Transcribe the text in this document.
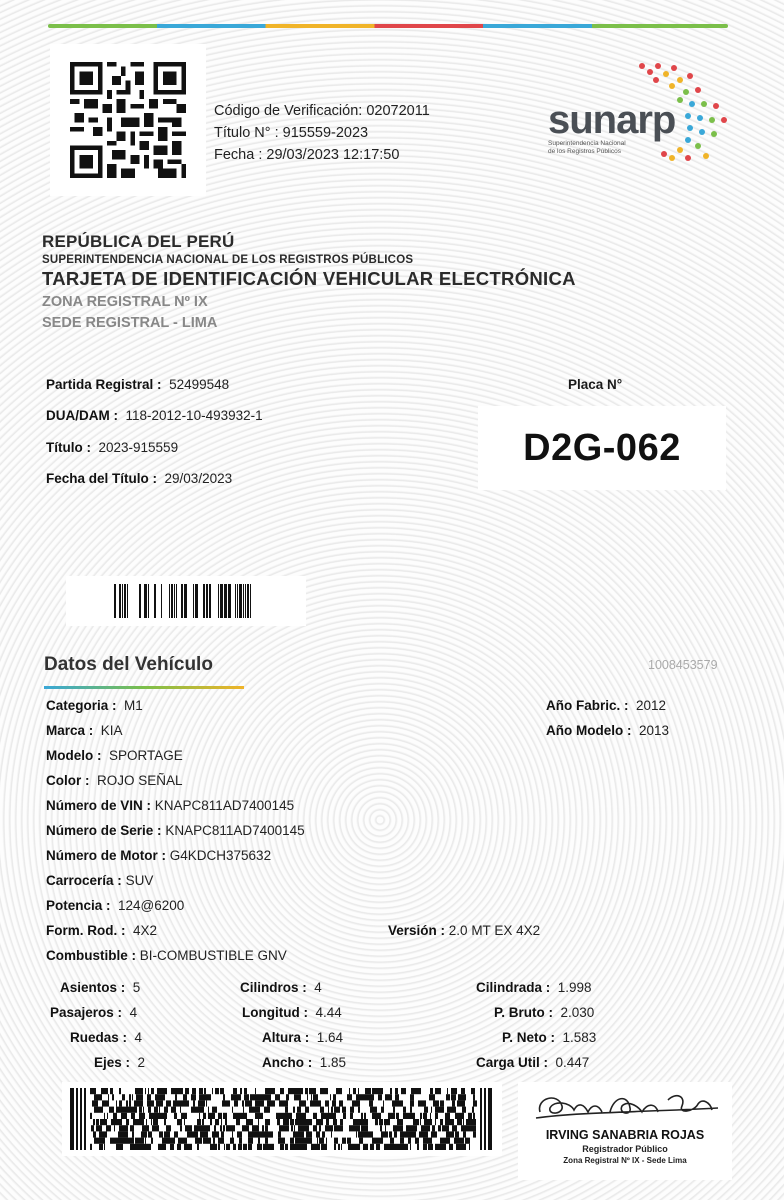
Código de Verificación: 02072011
Título N° : 915559-2023
Fecha : 29/03/2023 12:17:50
sunarp
Superintendencia Nacional
de los Registros Públicos
REPÚBLICA DEL PERÚ
SUPERINTENDENCIA NACIONAL DE LOS REGISTROS PÚBLICOS
TARJETA DE IDENTIFICACIÓN VEHICULAR ELECTRÓNICA
ZONA REGISTRAL Nº IX
SEDE REGISTRAL - LIMA
Partida Registral : 52499548
DUA/DAM : 118-2012-10-493932-1
Título : 2023-915559
Fecha del Título : 29/03/2023
Placa N°
D2G-062
Datos del Vehículo	1008453579
Categoria : M1
Marca : KIA
Modelo : SPORTAGE
Color : ROJO SEÑAL
Número de VIN : KNAPC811AD7400145
Número de Serie : KNAPC811AD7400145
Número de Motor : G4KDCH375632
Carrocería : SUV
Potencia : 124@6200
Form. Rod. : 4X2	Versión : 2.0 MT EX 4X2
Combustible : BI-COMBUSTIBLE GNV
Año Fabric. : 2012
Año Modelo : 2013
Asientos : 5
Pasajeros : 4
Ruedas : 4
Ejes : 2
Cilindros : 4
Longitud : 4.44
Altura : 1.64
Ancho : 1.85
Cilindrada : 1.998
P. Bruto : 2.030
P. Neto : 1.583
Carga Util : 0.447
IRVING SANABRIA ROJAS
Registrador Público
Zona Registral Nº IX - Sede Lima
